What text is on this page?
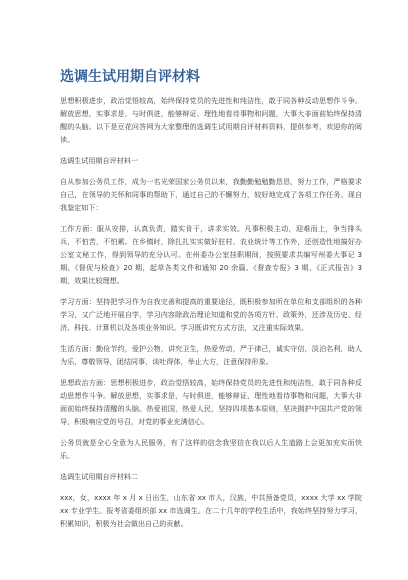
选调生试用期自评材料
思想积极进步，政治觉悟较高，始终保持党员的先进性和纯洁性，敢于同各种反动思想作斗争。解放思想，实事求是，与时俱进，能够辩证、理性地看待事物和问题，大事大非面前始终保持清醒的头脑。以下是豆花问答网为大家整理的选调生试用期自评材料资料，提供参考，欢迎你的阅读。
选调生试用期自评材料一
自从参加公务员工作，成为一名光荣国家公务员以来，我勤勤勉勉勤恳恳，努力工作，严格要求自己，在领导的关怀和同事的帮助下，通过自己的不懈努力，较好地完成了各项工作任务。现自我鉴定如下：
工作方面：服从安排，认真负责，踏实肯干，讲求实效。凡事积极主动，迎难而上，争当排头兵，不怕苦，不怕累。在乡镇时，除扎扎实实做好驻村、农业统计等工作外，还创造性地搞好办公室文秘工作，得到领导的充分认可。在州委办公室挂职期间，按照要求共编写州委大事记 3 期、《督促与检查》20 期，起草各类文件和通知 20 余篇、《督查专报》3 期、《正式报告》3 期，效果比较理想。
学习方面：坚持把学习作为自我完善和提高的重要途径，既积极参加所在单位和支部组织的各种学习，又广泛地开展自学，学习内容除政治理论知道和党的各项方针、政策外，还涉及历史、经济、科技、计算机以及各项业务知识。学习既讲究方式方法，又注重实际效果。
生活方面：勤俭节约，爱护公物，讲究卫生，热爱劳动，严于律己，诚实守信，淡泊名利，助人为乐，尊敬领导，团结同事，谈吐得体，举止大方，注意保持形象。
思想政治方面：思想积极进步，政治觉悟较高，始终保持党员的先进性和纯洁性，敢于同各种反动思想作斗争。解放思想，实事求是，与时俱进，能够辩证、理性地看待事物和问题，大事大非面前始终保持清醒的头脑。热爱祖国，热爱人民，坚持四项基本原则，坚决拥护中国共产党的领导，积极响应党的号召，对党的事业充满信心。
公务员就是全心全意为人民服务，有了这样的信念我坚信在我以后人生道路上会更加充实而快乐。
选调生试用期自评材料二
xxx，女，xxxx 年 x 月 x 日出生，山东省 xx 市人，汉族，中共预备党员，xxxx 大学 xx 学院 xx 专业学生。报考省委组织部 xx 市选调生。在二十几年的学校生活中，我始终坚持努力学习，积累知识，积极为社会做出自己的贡献。
